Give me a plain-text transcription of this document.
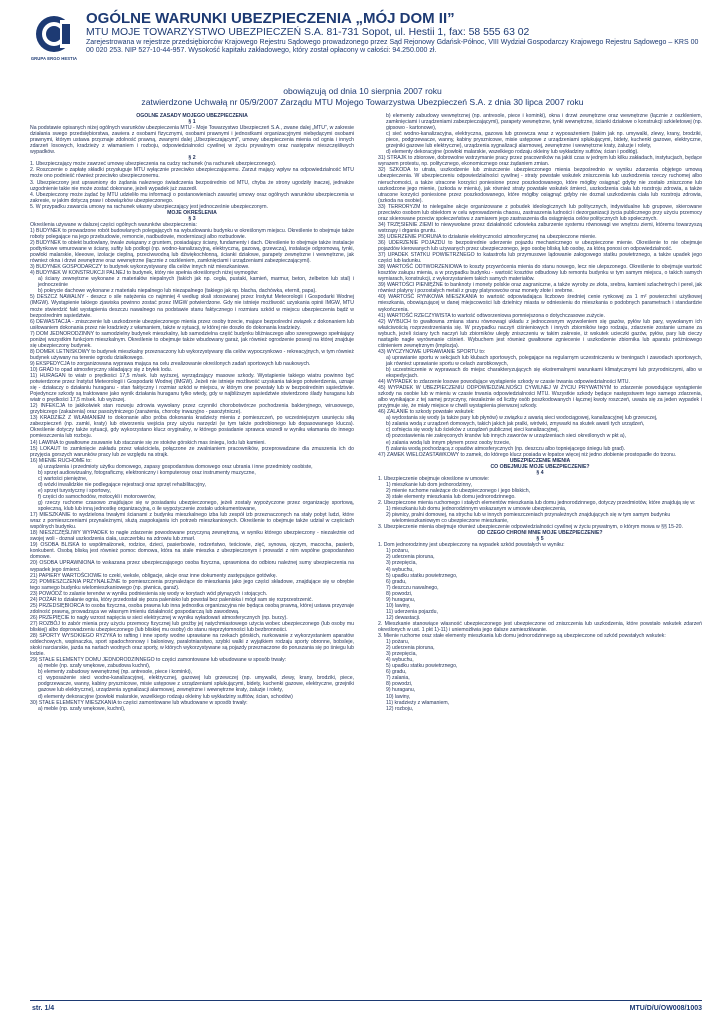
GRUPA ERGO HESTIA
OGÓLNE WARUNKI UBEZPIECZENIA „MÓJ DOM II”
MTU MOJE TOWARZYSTWO UBEZPIECZEŃ S.A. 81-731 Sopot, ul. Hestii 1, fax: 58 555 63 02
Zarejestrowana w rejestrze przedsiębiorców Krajowego Rejestru Sądowego prowadzonego przez Sąd Rejonowy Gdańsk-Północ, VIII Wydział Gospodarczy Krajowego Rejestru Sądowego – KRS 00 00 020 253. NIP 527-10-44-957. Wysokość kapitału zakładowego, który został opłacony w całości: 94.250.000 zł.
obowiązują od dnia 10 sierpnia 2007 roku
zatwierdzone Uchwałą nr 05/9/2007 Zarządu MTU Mojego Towarzystwa Ubezpieczeń S.A. z dnia 30 lipca 2007 roku

OGÓLNE ZASADY MOJEGO UBEZPIECZENIA

§ 1

Na podstawie opisanych niżej ogólnych warunków ubezpieczenia MTU - Moje Towarzystwo Ubezpieczeń S.A., zwane dalej „MTU”, w zakresie działania swego przedsiębiorstwa, zawiera z osobami fizycznymi, osobami prawnymi i jednostkami organizacyjnymi niebędącymi osobami prawnymi, którym ustawa przyznaje zdolność prawną, zwanymi dalej „Ubezpieczającymi”, umowy ubezpieczenia mienia od ognia i innych zdarzeń losowych, kradzieży z włamaniem i rozboju, odpowiedzialności cywilnej w życiu prywatnym oraz następstw nieszczęśliwych wypadków.

§ 2

1. Ubezpieczający może zawrzeć umowę ubezpieczenia na cudzy rachunek (na rachunek ubezpieczonego).

2. Roszczenie o zapłatę składki przysługuje MTU wyłącznie przeciwko ubezpieczającemu. Zarzut mający wpływ na odpowiedzialność MTU może ono podnieść również przeciwko ubezpieczonemu.

3. Ubezpieczony jest uprawniony do żądania naleznego świadczenia bezpośrednio od MTU, chyba że strony ugodziły inaczej, jednakże uzgodnienie takie nie może zostać dokonane, jeżeli wypadek już zaszedł.

4. Ubezpieczony może żądać by MTU udzieliło mu informacji o postanowieniach zawartej umowy oraz ogólnych warunków ubezpieczenia w zakresie, w jakim dotyczą praw i obowiązków ubezpieczonego.

5. W przypadku zawarcia umowy na rachunek własny ubezpieczający jest jednocześnie ubezpieczonym.

MOJE OKREŚLENIA

§ 3

Określenia używane w dalszej części ogólnych warunków ubezpieczenia:

1) BUDYNEK to prowadzone robót budowlanych polegających na wybudowaniu budynku w określonym miejscu. Określenie to obejmuje także roboty polegające na jego przebudowie, remoncie, nadbudowie, modernizacji albo rozbudowie.

2) BUDYNEK to obiekt budowlany, trwale związany z gruntem, posiadający ściany, fundamenty i dach. Określenie to obejmuje także instalacje podtynkowe wmurowane w ściany, sufity lub podłogi (np. wodno-kanalizacyjną, elektryczną, gazową, grzewczą), instalacje odgromową, tynki, powłoki malarskie, kleeowe, izolacje cieplną, przeciwwodną lub dźwiękochłonną, ścianki działowe, parapety zewnętrzne i wewnętrzne, jak również okna i drzwi zewnętrzne oraz wewnętrzne (łącznie z oszkleniem, zamknięciami i urządzeniami zabezpieczającymi).

3) BUDYNEK GOSPODARCZY to budynek wykorzystywany dla celów innych niż mieszkaniowe.

4) BUDYNEK W KONSTRUKCJI PALNEJ to budynek, który nie spełnia określonych niżej wymogów:

a) ściany zewnętrzne wykonane z materiałów niepalnych (takich jak np. cegła, pustaki, kamień, marmur, beton, żelbeton lub stal) i jednocześnie

b) pokrycie dachowe wykonane z materiału niepalnego lub niezapalnego (takiego jak np. blacha, dachówka, eternit, papa).

5) DESZCZ NAWALNY - deszcz o sile natężenia co najmniej 4 według skali stosowanej przez Instytut Meteorologii i Gospodarki Wodnej (IMGW). Wystąpienie takiego zjawiska powinno zostać przez IMGW potwierdzone. Gdy nie istnieje możliwość uzyskania opinii IMGW, MTU może stwierdzić fakt wystąpienia deszczu nawalnego na podstawie stanu faktycznego i rozmiaru szkód w miejscu ubezpieczenia bądź w bezpośrednim sąsiedztwie.

6) DEWASTACJA - zniszczenie lub uszkodzenie ubezpieczonego mienia przez osoby trzecie, mające bezpośredni związek z dokonaniem lub usiłowaniem dokonania przez nie kradzieży z włamaniem, także w sytuacji, w której nie doszło do dokonania kradzieży.

7) DOM JEDNORODZINNY to samodzielny budynek mieszkalny, lub samodzielna część budynku bliźniaczego albo szeregowego spełniający poniżej wszystkim funkcjom mieszkalnym. Określenie to obejmuje także wbudowany garaż, jak również ogrodzenie posesji na której znajduje się ubezpieczony budynek.

8) DOMEK LETNISKOWY to budynek mieszkalny przeznaczony lub wykorzystywany dla celów wypoczynkowo - rekreacyjnych, w tym również budynek używany na terenie ogrodu działkowego.

9) EKSPEDYCJA to zorganizowana wyprawa mająca na celu zrealizowanie określonych zadań sportowych lub naukowych.

10) GRAD to opad atmosferyczny składający się z bryłek lodu.

11) HURAGAN to wiatr o prędkości 17,5 m/sek. lub wyższej, wyrządzający masowe szkody. Wystąpienie takiego wiatru powinno być potwierdzone przez Instytut Meteorologii i Gospodarki Wodnej (IMGW). Jeżeli nie istnieje możliwość uzyskania takiego potwierdzenia, uznaje się - działaczy o działaniu huraganu - stan faktyczny i rozmiar szkód w miejscu, w którym one powstały lub w bezpośrednim sąsiedztwie. Pojedyncze szkody są traktowane jako wynik działania huraganu tylko wtedy, gdy w najbliższym sąsiedztwie stwierdzono ślady huraganu lub wiatr o prędkości 17,5 m/sek. lub wyższej.

12) INFEKCJA to jakikolwiek stan rozwoju zdrowia wywołany przez czynniki chorobotwórcze pochodzenia bakteryjnego, wirusowego, grzybiczego (zakażenia) oraz pasożytniczego (zarażenia, choroby inwazyjno - pasożytnicze).

13) KRADZIEŻ Z WŁAMANIEM to dokonanie albo próba dokonania kradzieży mienia z pomieszczeń, po wcześniejszym usunięciu siłą zabezpieczeń (np. zamki, kraty) lub otworzeniu wejścia przy użyciu narzędzi (w tym także podrobionego lub dopasowanego klucza). Określenie dotyczy także sytuacji, gdy wykorzystano klucz oryginalny, w którego posiadanie sprawca wszedł w wyniku włamania do innego pomieszczenia lub rozboju.

14) LAWINA to gwałtowne zsuwanie lub staczanie się ze stoków górskich mas śniegu, lodu lub kamieni.

15) LOKAUT to zamknięcie zakładu przez właściciela, połączone ze zwalnianiem pracowników, przeprowadzane dla zmuszenia ich do przyjęcia gorszych warunków pracy lub ze względu na strajk.

16) MIENIE RUCHOME to:

a) urządzenia i przedmioty użytku domowego, zapasy gospodarstwa domowego oraz ubrania i inne przedmioty osobiste,

b) sprzęt audiowizualny, fotograficzny, elektroniczny i komputerowy oraz instrumenty muzyczne,

c) wartości pieniężne,

d) wózki inwalidzkie nie podlegające rejestracji oraz sprzęt rehabilitacyjny,

e) sprzęt turystyczny i sportowy,

f) części do samochodów, motocykli i motorowerów,

g) rzeczy ruchome czasowo znajdujące się w posiadaniu ubezpieczonego, jeżeli zostały wypożyczone przez organizację sportową, społeczną, klub lub inną jednostkę organizacyjną, o ile wypożyczenie zostało udokumentowane,

17) MIESZKANIE to wydzielona trwałymi ścianami z budynku mieszkalnego izba lub zespół izb przeznaczonych na stały pobyt ludzi, które wraz z pomieszczeniami przynależnymi, służą zaspokajaniu ich potrzeb mieszkaniowych. Określenie to obejmuje także udział w częściach wspólnych budynku.

18) NIESZCZĘŚLIWY WYPADEK to nagłe zdarzenie powodowane przyczyną zewnętrzną, w wyniku którego ubezpieczony - niezależnie od swojej woli - doznał uszkodzenia ciała, uszczerbku na zdrowiu lub zmarł.

19) OSOBA BLISKA to współmałżonek, rodzice, dzieci, pasierbowie, rodzeństwo, teściowie, zięć, synowa, ojczym, macocha, pasierb, konkubent. Osobą bliską jest również pomoc domowa, która na stałe mieszka z ubezpieczonym i prowadzi z nim wspólne gospodarstwo domowe.

20) OSOBA UPRAWNIONA to wskazana przez ubezpieczającego osoba fizyczna, uprawniona do odbioru należnej sumy ubezpieczenia na wypadek jego śmierci.

21) PAPIERY WARTOŚCIOWE to czeki, weksle, obligacje, akcje oraz inne dokumenty zastępujące gotówkę.

22) POMIESZCZENIA PRZYNALEŻNE to pomieszczenia przynależące do mieszkania jako jego części składowe, znajdujące się w obrębie tego samego budynku wielomieszkaniowego (np. piwnica, garaż).

23) POWÓDŹ to zalanie terenów w wyniku podniesienia się wody w korytach wód płynących i stojących.

24) POŻAR to działanie ognia, który przedostał się poza palenisko lub powstał bez paleniska i mógł sam się rozprzestrzenić.

25) PRZEDSIĘBIORCA to osoba fizyczna, osoba prawna lub inna jednostka organizacyjna nie będąca osobą prawną, której ustawa przyznaje zdolność prawną, prowadząca we własnym imieniu działalność gospodarczą lub zawodową.

26) PRZEPIĘCIE to nagły wzrost napięcia w sieci elektrycznej w wyniku wyładowań atmosferycznych (np. burzy).

27) ROZBÓJ to zabór mienia przy użyciu przemocy fizycznej lub groźby jej natychmiastowego użycia wobec ubezpieczonego (lub osoby mu bliskiej) albo doprowadzeniu ubezpieczonego (lub bliskiej mu osoby) do stanu nieprzytomności lub bezbronności.

28) SPORTY WYSOKIEGO RYZYKA to rafting i inne sporty wodne uprawiane na rzekach górskich, nurkowanie z wykorzystaniem aparatów oddechowych, wspinaczka, sport spadochronowy i baloniowy, paralotniarstwo, szybki walki z wyjątkiem rodzaju sporty obronne, bobsleje, skoki narciarskie, jazda na nartach wodnych oraz sporty, w których wykorzystywane są pojazdy przeznaczone do poruszania się po śniegu lub lodzie.

29) STAŁE ELEMENTY DOMU JEDNORODZINNEGO to części zamontowane lub wbudowane w sposób trwały:

a) meble (np. szafy wnękowe, zabudowa kuchni),

b) elementy zabudowy wewnętrznej (np. antresole, piece i kominki),

c) wyposażenie sieci wodno-kanalizacyjnej, elektrycznej, gazowej lub grzewczej (np. umywalki, zlewy, krany, brodziki, piece, podgrzewacze, wanny, kabiny prysznicowe, misie ustępowe z urządzeniami spłukującymi, bidety, kuchenki gazowe, elektryczne, grzejniki gazowe lub elektryczne), urządzenia sygnalizacji alarmowej, zewnętrzne i wewnętrzne kraty, żaluzje i rolety,

d) elementy dekoracyjne (powłoki malarskie, wszelkiego rodzaju okleiny lub wykładziny sufitów, ścian, schodów)

30) STAŁE ELEMENTY MIESZKANIA to części zamontowane lub wbudowane w sposób trwały:

a) meble (np. szafy wnękowe, kuchni),

b) elementy zabudowy wewnętrznej (np. antresole, piece i kominki), okna i drzwi zewnętrzne oraz wewnętrzne (łącznie z oszkleniem, zamknięciami i urządzeniami zabezpieczającymi), parapety wewnętrzne, tynki wewnętrzne, ścianki działowe o konstrukcji szkieletowej (np. gipsowo - kartonowe),

c) sieć wodno-kanalizacyjna, elektryczna, gazowa lub grzewcza wraz z wyposażeniem (takim jak np. umywalki, zlewy, krany, brodziki, piece, podgrzewacze, wanny, kabiny prysznicowe, misie ustępowe z urządzeniami spłukującymi, bidety, kuchenki gazowe, elektryczne, grzejniki gazowe lub elektryczne), urządzenia sygnalizacji alarmowej, zewnętrzne i wewnętrzne kraty, żaluzje i rolety,

d) elementy dekoracyjne (powłoki malarskie, wszelkiego rodzaju okleiny lub wykładziny sufitów, ścian i podłóg).

31) STRAJK to zbiorowe, dobrowolne wstrzymanie pracy przez pracowników na jakiś czas w jednym lub kilku zakładach, instytucjach, będące wyrazem protestu, np. politycznego, ekonomicznego oraz żądaniem zmian.

32) SZKODA to utrata, uszkodzenie lub zniszczenie ubezpieczonego mienia bezpośrednio w wyniku zdarzenia objętego umową ubezpieczenia. W ubezpieczeniu odpowiedzialności cywilnej - straty powstałe wskutek zniszczenia lub uszkodzenia rzeczy ruchomej albo nieruchomości, a także utracone korzyści poniesione przez poszkodowanego, które mógłby osiągnąć gdyby nie zostało zniszczone lub uszkodzone jego mienie, (szkoda w mieniu), jak również straty powstałe wskutek śmierci, uszkodzenia ciała lub rozstroju zdrowia, a także utracone korzyści poniesione przez poszkodowanego, które mógłby osiągnąć gdyby nie doznał uszkodzenia ciała lub rozstroju zdrowia, (szkoda na osobie).

33) TERRORYZM to nielegalne akcje organizowane z pobudek ideologicznych lub politycznych, indywidualne lub grupowe, skierowane przeciwko osobom lub obiektom w celu wprowadzenia chaosu, zastraszenia ludności i dezorganizacji życia publicznego przy użyciu przemocy oraz skierowane przeciw społeczeństwu z zamiarem jego zastraszenia dla osiągnięcia celów politycznych lub społecznych.

34) TRZĘSIENIE ZIEMI to niewywołane przez działalność człowieka zaburzenie systemu równowagi we wnętrzu ziemi, któremu towarzyszą wstrząsy i drgania gruntu.

35) UDERZENIE PIORUNA to działanie elektryczności atmosferycznej na ubezpieczone mienie.

36) UDERZENIE POJAZDU to bezpośrednie uderzenie pojazdu mechanicznego w ubezpieczone mienie. Określenie to nie obejmuje pojazdów kierowanych lub używanych przez ubezpieczonego, jego osobę bliską lub osobę, za którą ponosi on odpowiedzialność.

37) UPADEK STATKU POWIETRZNEGO to katastrofa lub przymusowe lądowanie załogowego statku powietrznego, a także upadek jego części lub ładunku.

38) WARTOŚĆ ODTWORZENIOWA to koszty przywrócenia mienia do stanu nowego, lecz nie ulepszonego. Określenie to obejmuje wartość kosztów zakupu mienia, a w przypadku budynku - wartość kosztów odbudowy lub remontu budynku w tym samym miejscu, o takich samych wymiarach, konstrukcji, z wykorzystaniem takich samych materiałów.

39) WARTOŚCI PIENIĘŻNE to banknoty i monety polskie oraz zagraniczne, a także wyroby ze złota, srebra, kamieni szlachetnych i pereł, jak również platyny i pozostałych metali z grupy platynowców oraz monety złote i srebrne.

40) WARTOŚĆ RYNKOWA MIESZKANIA to wartość odpowiadająca liczbowo średniej cenie rynkowej za 1 m² powierzchni użytkowej mieszkania, obowiązującej w danej miejscowości lub dzielnicy miasta w odniesieniu do mieszkania o podobnych parametrach i standardzie wykończenia.

41) WARTOŚĆ RZECZYWISTA to wartość odtworzeniowa pomniejszona o dotychczasowe zużycie.

42) WYBUCH to gwałtowna zmiana stanu równowagi układu z jednoczesnym wyzwoleniem się gazów, pyłów lub pary, wywołanym ich właściwością rozprzestrzeniania się. W przypadku naczyń ciśnieniowych i innych zbiorników tego rodzaju, zdarzenie zostanie uznane za wybuch, jeżeli ściany tych naczyń lub zbiorników uległy zniszczeniu w takim zakresie, iż wskutek ucieczki gazów, pyłów, pary lub cieczy nastąpiło nagłe wyrównanie ciśnień. Wybuchem jest również gwałtowne zgniecenie i uszkodzenie zbiornika lub aparatu próżniowego ciśnieniem zewnętrznym (implozja).

43) WYCZYNOWE UPRAWIANIE SPORTU to:

a) uprawianie sportu w sekcjach lub klubach sportowych, polegające na regularnym uczestniczeniu w treningach i zawodach sportowych, jak również uprawianie sportu w celach zarobkowych,

b) uczestniczenie w wyprawach do miejsc charakteryzujących się ekstremalnymi warunkami klimatycznymi lub przyrodniczymi, albo w ekspedycjach.

44) WYPADEK to zdarzenie losowe powodujące wystąpienie szkody w czasie trwania odpowiedzialności MTU.

45) WYPADEK W UBEZPIECZENIU ODPOWIEDZIALNOŚCI CYWILNEJ W ŻYCIU PRYWATNYM to zdarzenie powodujące wystąpienie szkody na osobie lub w mieniu w czasie trwania odpowiedzialności MTU. Wszystkie szkody będące następstwem tego samego zdarzenia, albo wynikające z tej samej przyczyny, niezależnie od liczby osób poszkodowanych i łącznej kwoty roszczeń, uważa się za jeden wypadek i przyjmuje się, że miały miejsce w chwili wystąpienia pierwszej szkody.

46) ZALANIE to szkody powstałe wskutek:

a) wydostania się wody (a także pary lub płynów) w związku z awarią sieci wodociągowej, kanalizacyjnej lub grzewczej,

b) zalania wodą z urządzeń domowych, takich jakich jak pralki, wirówki, zmywarki na skutek awarii tych urządzeń,

c) cofnięcia się wody lub ścieków z urządzeń publicznej sieci kanalizacyjnej,

d) pozostawienia nie zakręconych kranów lub innych zaworów w urządzeniach sieci określonych w pkt a),

e) zalania wodą lub innym płynem przez osoby trzecie,

f) zalania wodą pochodzącą z opadów atmosferycznych (np. deszczu albo topniejącego śniegu lub grad).

47) ZAMEK WIELOZASTAWKOWY to zamek, do którego klucz posiada w łopatce więcej niż jedno złobienie prostopadłe do trzonu.

UBEZPIECZENIE MIENIA

CO OBEJMUJE MOJE UBEZPIECZENIE?

§ 4

1. Ubezpieczenie obejmuje określone w umowie:

1) mieszkanie lub dom jednorodzinny,

2) mienie ruchome należące do ubezpieczonego i jego bliskich,

3) stałe elementy mieszkania lub domu jednorodzinnego.

2. Ubezpieczone mienia ruchomego i stałych elementów mieszkania lub domu jednorodzinnego, dotyczy przedmiotów, które znajdują się w:

1) mieszkaniu lub domu jednorodzinnym wskazanym w umowie ubezpieczenia,

2) piwnicy, pralni domowej, na strychu lub w innych pomieszczeniach przynależnych znajdujących się w tym samym budynku

wielomieszkaniowym co ubezpieczone mieszkanie,

3. Ubezpieczenie mienia obejmuje również ubezpieczenie odpowiedzialności cywilnej w życiu prywatnym, o którym mowa w §§ 15-20.

OD CZEGO CHRONI MNIE MOJE UBEZPIECZENIE?

§ 5

1. Dom jednorodzinny jest ubezpieczony na wypadek szkód powstałych w wyniku:

1) pożaru,

2) uderzenia pioruna,

3) przepięcia,

4) wybuchu,

5) upadku statku powietrznego,

6) gradu,

7) deszczu nawalnego,

8) powodzi,

9) huraganu,

10) lawiny,

11) uderzenia pojazdu,

12) dewastacji.

2. Mieszkanie stanowiące własność ubezpieczonego jest ubezpieczone od zniszczenia lub uszkodzenia, które powstało wskutek zdarzeń określonych w ust. 1 pkt 1)-11) i uniemożliwia jego dalsze zamieszkiwanie.

3. Mienie ruchome oraz stałe elementy mieszkania lub domu jednorodzinnego są ubezpieczone od szkód powstałych wskutek:

1) pożaru,

2) uderzenia pioruna,

3) przepięcia,

4) wybuchu,

5) upadku statku powietrznego,

6) gradu,

7) zalania,

8) powodzi,

9) huraganu,

10) lawiny,

11) kradzieży z włamaniem,

12) rozboju,

str. 1/4	MTU/D/U/OW008/1003
